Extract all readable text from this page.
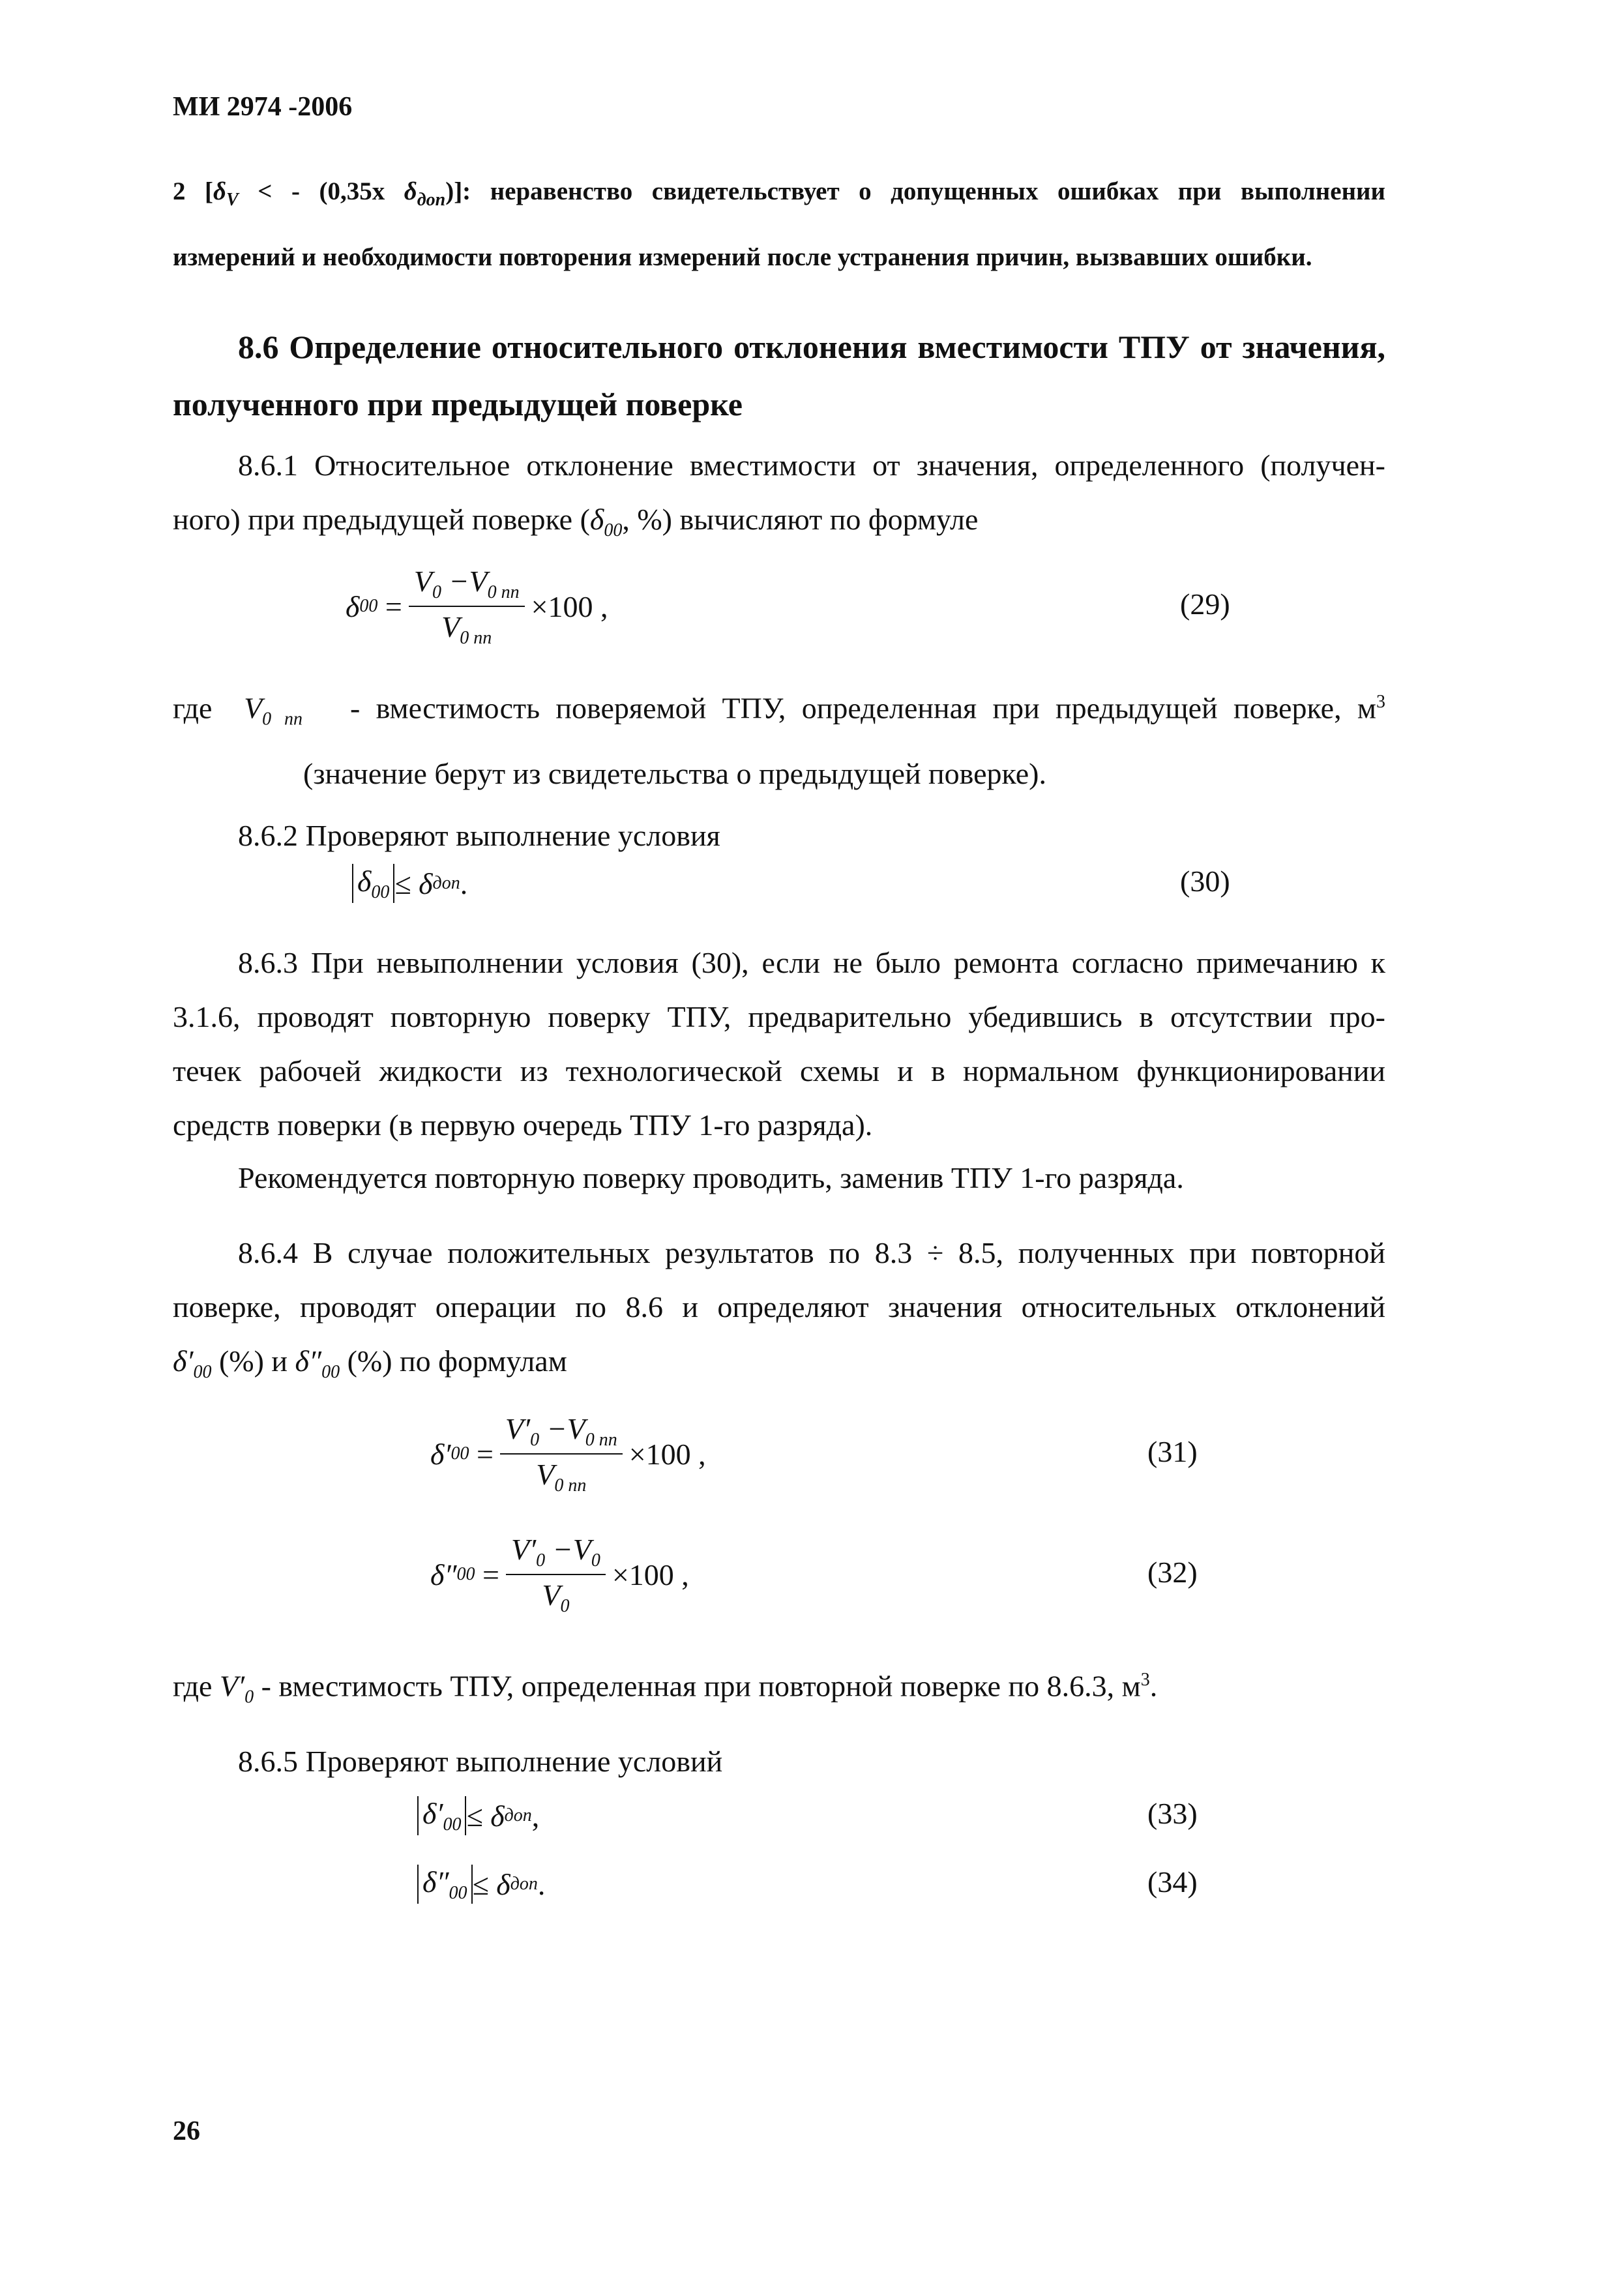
МИ 2974 -2006
2 [$\delta_V$ < - (0,35х $\delta_{доп}$)]: неравенство свидетельствует о допущенных ошибках при выполнении
измерений и необходимости повторения измерений после устранения причин, вызвавших ошибки.
8.6 Определение относительного отклонения вместимости ТПУ от значения,
полученного при предыдущей поверке
8.6.1 Относительное отклонение вместимости от значения, определенного (получен-
ного) при предыдущей поверке ($\delta_{00}$, %) вычисляют по формуле
δ $00 = \frac{V_0 -V_{0 пп}}{V_{0 пп}} \times 100$ ,	(29)
где $V_{0 пп}$ - вместимость поверяемой ТПУ, определенная при предыдущей поверке, $м^3$
(значение берут из свидетельства о предыдущей поверке).
8.6.2 Проверяют выполнение условия
$\delta_{00} \le \delta$ доп .	(30)
8.6.3 При невыполнении условия (30), если не было ремонта согласно примечанию к
3.1.6, проводят повторную поверку ТПУ, предварительно убедившись в отсутствии про-
течек рабочей жидкости из технологической схемы и в нормальном функционировании
средств поверки (в первую очередь ТПУ 1-го разряда).
Рекомендуется повторную поверку проводить, заменив ТПУ 1-го разряда.
8.6.4 В случае положительных результатов по 8.3 ÷ 8.5, полученных при повторной
поверке, проводят операции по 8.6 и определяют значения относительных отклонений
$\delta'_{00}$ (%) и $\delta''_{00}$ (%) по формулам
δ′ $00 = \frac{V'_0 -V_{0 пп}}{V_{0 пп}} \times 100$ ,	(31)
δ″ $00 = \frac{V'_0 -V_0}{V_0} \times 100$ ,	(32)
где $V'_0$ - вместимость ТПУ, определенная при повторной поверке по 8.6.3, $м^3$.
8.6.5 Проверяют выполнение условий
$\delta'_{00} \le \delta$ доп ,	(33)
$\delta''_{00} \le \delta$ доп .	(34)
26
